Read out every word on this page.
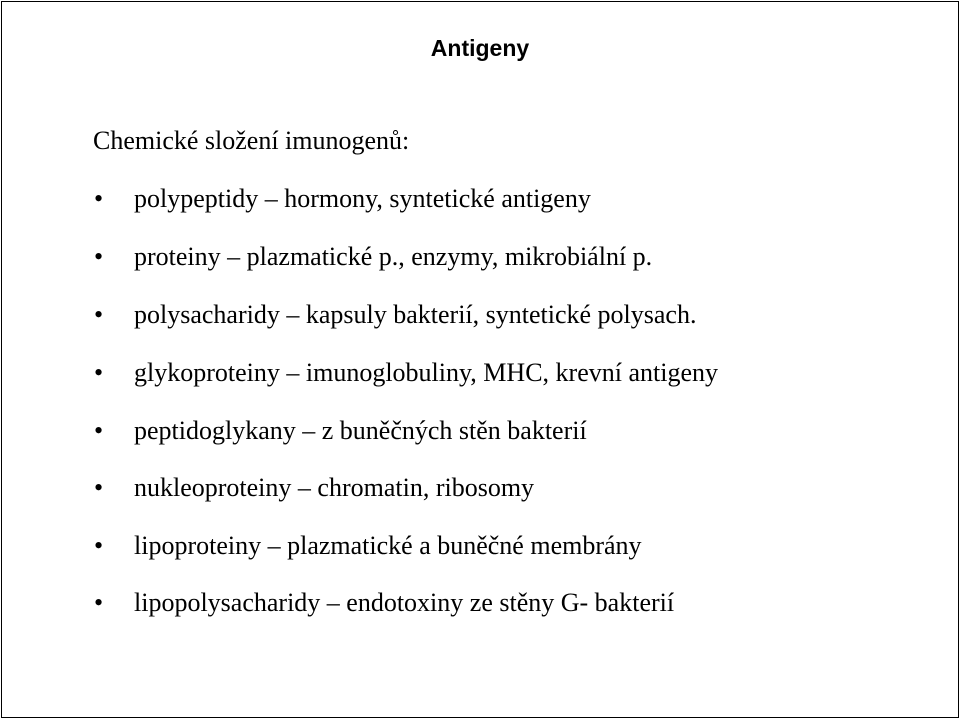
Antigeny
Chemické složení imunogenů:
• polypeptidy – hormony, syntetické antigeny
• proteiny – plazmatické p., enzymy, mikrobiální p.
• polysacharidy – kapsuly bakterií, syntetické polysach.
• glykoproteiny – imunoglobuliny, MHC, krevní antigeny
• peptidoglykany – z buněčných stěn bakterií
• nukleoproteiny – chromatin, ribosomy
• lipoproteiny – plazmatické a buněčné membrány
• lipopolysacharidy – endotoxiny ze stěny G- bakterií
